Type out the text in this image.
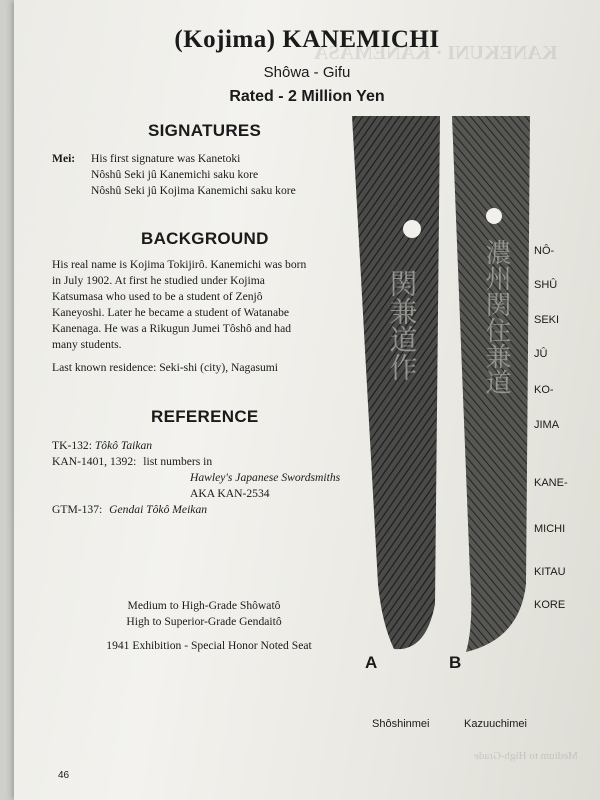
KANEKUNI · KANEMASA
(Kojima) KANEMICHI
Shôwa - Gifu
Rated - 2 Million Yen
SIGNATURES
Mei: His first signature was Kanetoki
Nôshû Seki jû Kanemichi saku kore
Nôshû Seki jû Kojima Kanemichi saku kore
BACKGROUND
His real name is Kojima Tokijirô. Kanemichi was born
in July 1902. At first he studied under Kojima
Katsumasa who used to be a student of Zenjô
Kaneyoshi. Later he became a student of Watanabe
Kanenaga. He was a Rikugun Jumei Tôshô and had
many students.
Last known residence: Seki-shi (city), Nagasumi
REFERENCE
TK-132: Tôkô Taikan
KAN-1401, 1392: list numbers in
Hawley's Japanese Swordsmiths
AKA KAN-2534
GTM-137: Gendai Tôkô Meikan
Medium to High-Grade Shôwatô
High to Superior-Grade Gendaitô
1941 Exhibition - Special Honor Noted Seat
関兼道作 濃州関住兼道 NÔ-
SHÛ
SEKI
JÛ
KO-
JIMA
KANE-
MICHI
KITAU
KORE
A	B
Shôshinmei	Kazuuchimei
Medium to High-Grade
46
